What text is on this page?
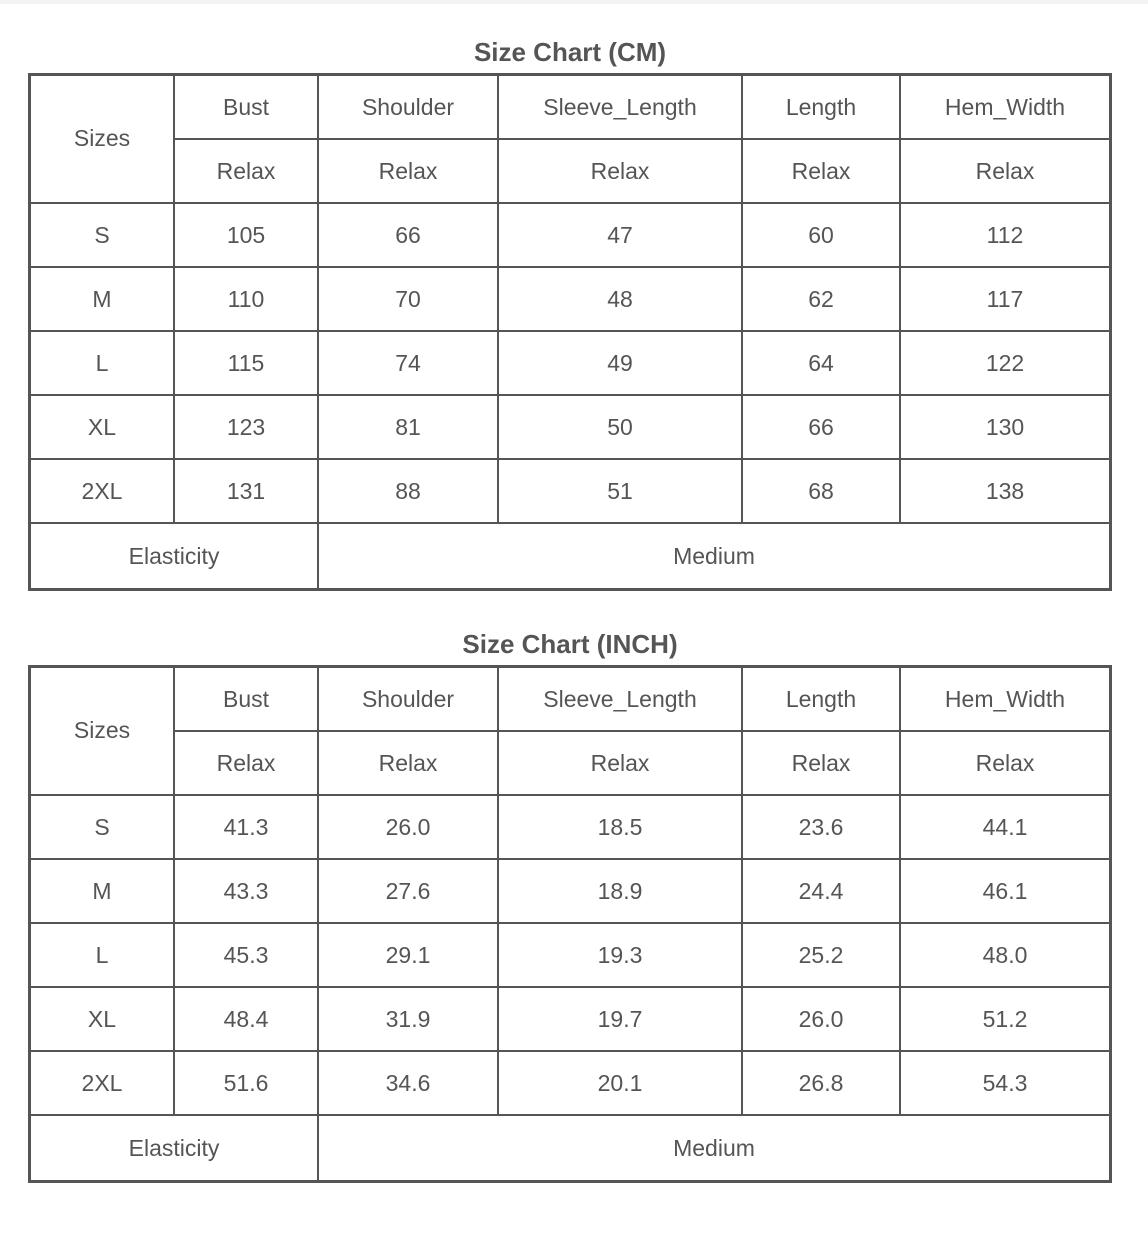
Size Chart (CM)
Sizes	Bust	Shoulder	Sleeve_Length	Length	Hem_Width
	Relax	Relax	Relax	Relax	Relax
S	105	66	47	60	112
M	110	70	48	62	117
L	115	74	49	64	122
XL	123	81	50	66	130
2XL	131	88	51	68	138
Elasticity		Medium			
Size Chart (INCH)
Sizes	Bust	Shoulder	Sleeve_Length	Length	Hem_Width
	Relax	Relax	Relax	Relax	Relax
S	41.3	26.0	18.5	23.6	44.1
M	43.3	27.6	18.9	24.4	46.1
L	45.3	29.1	19.3	25.2	48.0
XL	48.4	31.9	19.7	26.0	51.2
2XL	51.6	34.6	20.1	26.8	54.3
Elasticity		Medium			
